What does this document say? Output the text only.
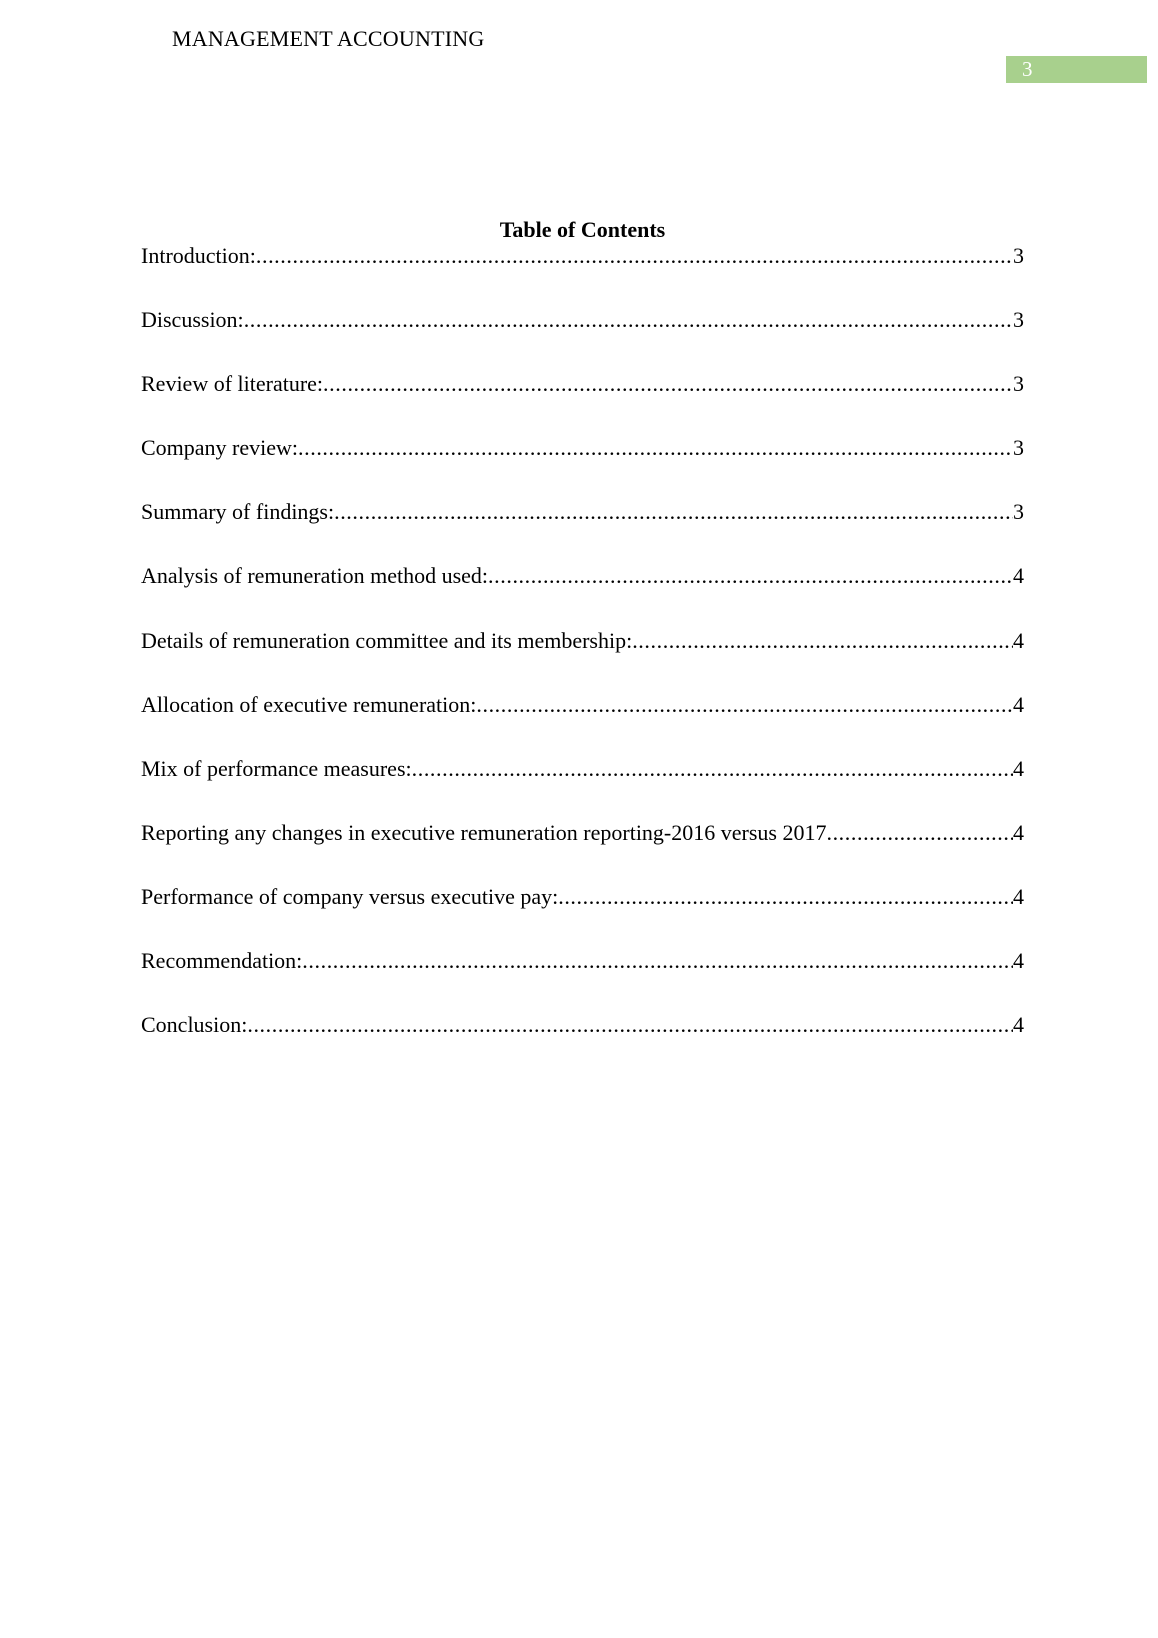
MANAGEMENT ACCOUNTING
3
Table of Contents
Introduction: .....	3
Discussion: .....	3
Review of literature: .....	3
Company review: .....	3
Summary of findings: .....	3
Analysis of remuneration method used: .....	4
Details of remuneration committee and its membership: .....	4
Allocation of executive remuneration: .....	4
Mix of performance measures: .....	4
Reporting any changes in executive remuneration reporting-2016 versus 2017 .....	4
Performance of company versus executive pay: .....	4
Recommendation: .....	4
Conclusion: .....	4
